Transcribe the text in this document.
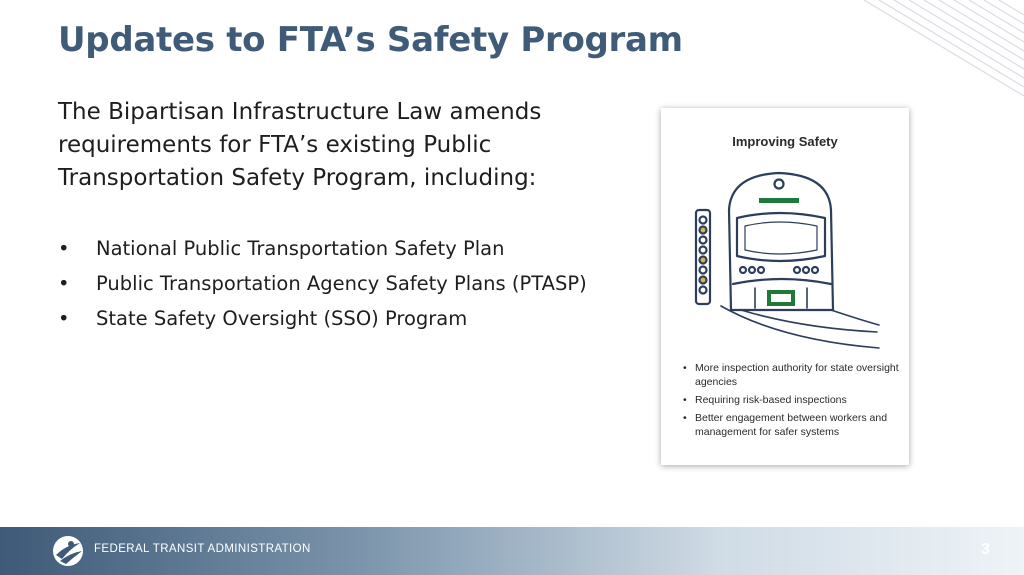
Updates to FTA’s Safety Program

The Bipartisan Infrastructure Law amends requirements for FTA’s existing Public Transportation Safety Program, including:

• National Public Transportation Safety Plan
• Public Transportation Agency Safety Plans (PTASP)
• State Safety Oversight (SSO) Program
Improving Safety
• More inspection authority for state oversight agencies
• Requiring risk-based inspections
• Better engagement between workers and management for safer systems
FEDERAL TRANSIT ADMINISTRATION	3
